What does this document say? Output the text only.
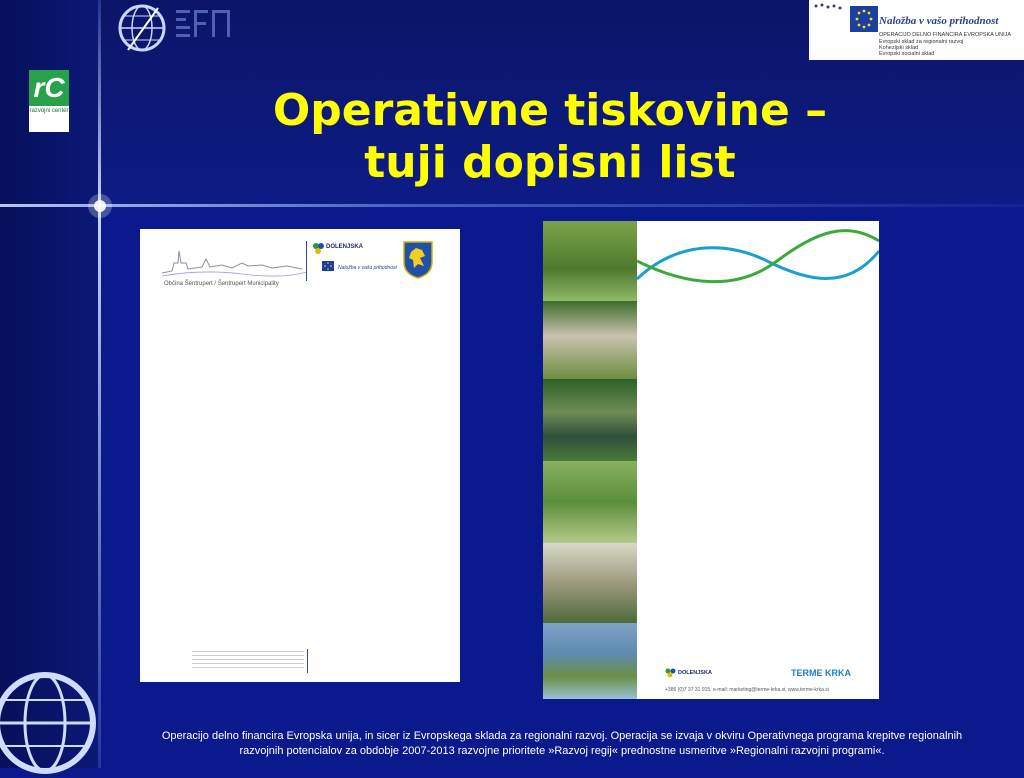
rC
razvojni center
Naložba v vašo prihodnost
OPERACIJO DELNO FINANCIRA EVROPSKA UNIJA
Evropski sklad za regionalni razvoj
Kohezijski sklad
Evropski socialni sklad
Operativne tiskovine –
tuji dopisni list
Občina Šentrupert / Šentrupert Municipality
DOLENJSKA
Naložba v vašo prihodnost
DOLENJSKA	TERME KRKA
+386 (0)7 37 31 915, e-mail: marketing@terme-krka.si, www.terme-krka.si
Operacijo delno financira Evropska unija, in sicer iz Evropskega sklada za regionalni razvoj. Operacija se izvaja v okviru Operativnega programa krepitve regionalnih
razvojnih potencialov za obdobje 2007-2013 razvojne prioritete »Razvoj regij« prednostne usmeritve »Regionalni razvojni programi«.
